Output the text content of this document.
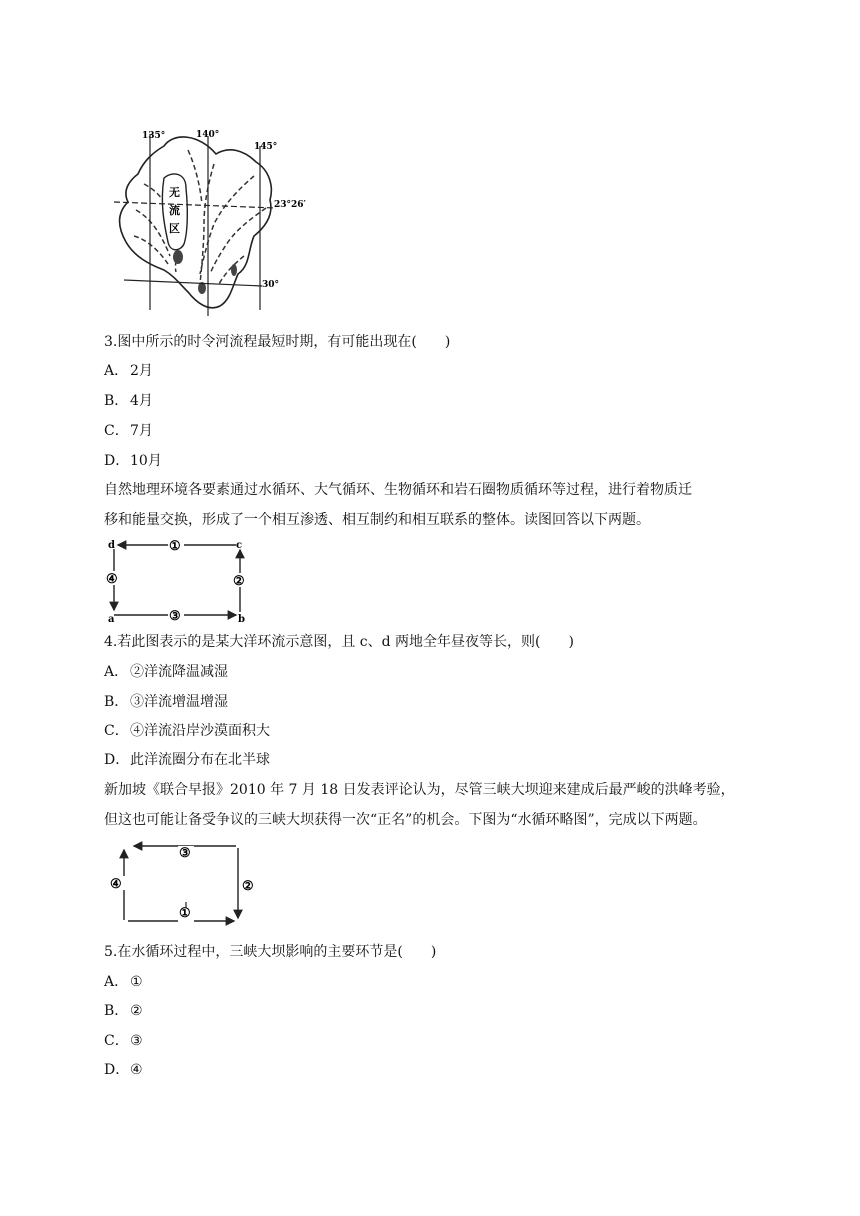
135°	140°
145°
23°26′
30°
无
流
区
3.图中所示的时令河流程最短时期，有可能出现在(　　)
A． 2月
B． 4月
C．7月
D．10月
自然地理环境各要素通过水循环、大气循环、生物循环和岩石圈物质循环等过程，进行着物质迁
移和能量交换，形成了一个相互渗透、相互制约和相互联系的整体。读图回答以下两题。
①
②
③
④
d	c
a	b
4.若此图表示的是某大洋环流示意图，且 c、d 两地全年昼夜等长，则(　　)
A． ②洋流降温减湿
B． ③洋流增温增湿
C．④洋流沿岸沙漠面积大
D．此洋流圈分布在北半球
新加坡《联合早报》2010 年 7 月 18 日发表评论认为，尽管三峡大坝迎来建成后最严峻的洪峰考验，
但这也可能让备受争议的三峡大坝获得一次“正名”的机会。下图为“水循环略图”，完成以下两题。
③
②
①
④
5.在水循环过程中，三峡大坝影响的主要环节是(　　)
A． ①
B． ②
C．③
D．④
